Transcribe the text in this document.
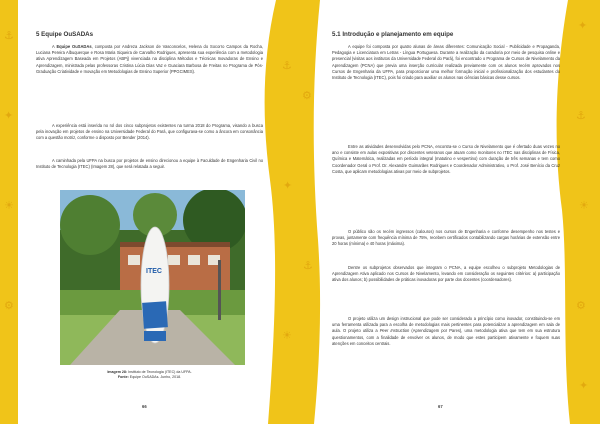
⚓
✦
☀
⚙
⚓
✦
☀
5 Equipe OuSADAs

A Equipe OuSADAs, composta por Andreza Jackson de Vasconcelos, Helena do Socorro Campos da Rocha, Luciana Pereira Albuquerque e Rosa Maria Siqueira de Carvalho Rodrigues, apresenta sua experiência com a metodologia ativa Aprendizagem Baseada em Projetos (ABPj) vivenciada na disciplina Métodos e Técnicas Inovadoras de Ensino e Aprendizagem, ministrada pelas professoras Cristina Lúcia Dias Vaz e Guaciara Barbosa de Freitas no Programa de Pós-Graduação Criatividade e Inovação em Metodologias de Ensino Superior (PPGCIMES).

A experiência está inserida no rol dos cinco subprojetos existentes na turma 2018 do Programa, visando a busca pela inovação em projetos de ensino na Universidade Federal do Pará, que configurava-se como a âncora em consonância com a questão motriz, conforme o disposto por Bender (2014).

A caminhada pela UFPA na busca por projetos de ensino direcionou a equipe à Faculdade de Engenharia Civil no Instituto de Tecnologia (ITEC) (Imagem 28), que será relatada a seguir.

ITEC
Imagem 28: Instituto de Tecnologia (ITEC) da UFPA.
Fonte: Equipe OuSADAs. Junho, 2018.
66
⚙
⚓
✦
⚓
☀
⚙
✦
5.1 Introdução e planejamento em equipe

A equipe foi composta por quatro alunas de áreas diferentes: Comunicação Social - Publicidade e Propaganda, Pedagogia e Licenciatura em Letras - Língua Portuguesa. Durante a realização da curadoria por meio de pesquisa online e presencial (visitas aos institutos da Universidade Federal do Pará), foi encontrado o Programa de Cursos de Nivelamento da Aprendizagem (PCNA) que previa uma inserção curricular realizada previamente com os alunos recém aprovados nos Cursos de Engenharia da UFPA, para proporcionar uma melhor formação inicial e profissionalização dos estudantes do Instituto de Tecnologia (ITEC), pois foi criado para auxiliar os alunos nas ciências básicas desse cursos.

Entre as atividades desenvolvidas pelo PCNA, encontra-se o Curso de Nivelamento que é ofertado duas vezes no ano e consiste em aulas expositivas por discentes veteranos que atuam como monitores no ITEC nas disciplinas de Física, Química e Matemática, realizadas em período integral (matutino e vespertino) com duração de três semanas e tem como Coordenador Geral o Prof. Dr. Alexandre Guimarães Rodrigues e Coordenador Administrativo, o Prof. José Benício da Cruz Costa, que aplicam metodologias ativas por meio de subprojetos.

O público são os recém ingressos (calouros) nos cursos de Engenharia e conforme desempenho nos testes e provas, juntamente com frequência mínima de 75%, recebem certificados contabilizando cargas horárias de extensão entre 20 horas (mínima) e 40 horas (máxima).

Dentre os subprojetos observados que integram o PCNA, a equipe escolheu o subprojeto Metodologias de Aprendizagem Ativa aplicado nos Cursos de Nivelamento, levando em consideração os seguintes critérios: a) participação ativa dos alunos; b) possibilidades de práticas inovadoras por parte dos docentes (coordenadores).

O projeto utiliza um design instrucional que pode ser considerado a princípio como inovador, constituindo-se em uma ferramenta utilizada para a escolha de metodologias mais pertinentes para potencializar a aprendizagem em sala de aula. O projeto utiliza a Peer Instruction (Aprendizagem por Pares), uma metodologia ativa que tem em sua estrutura questionamentos, com a finalidade de envolver os alunos, de modo que estes participem ativamente e foquem suas atenções em conceitos centrais.

67
